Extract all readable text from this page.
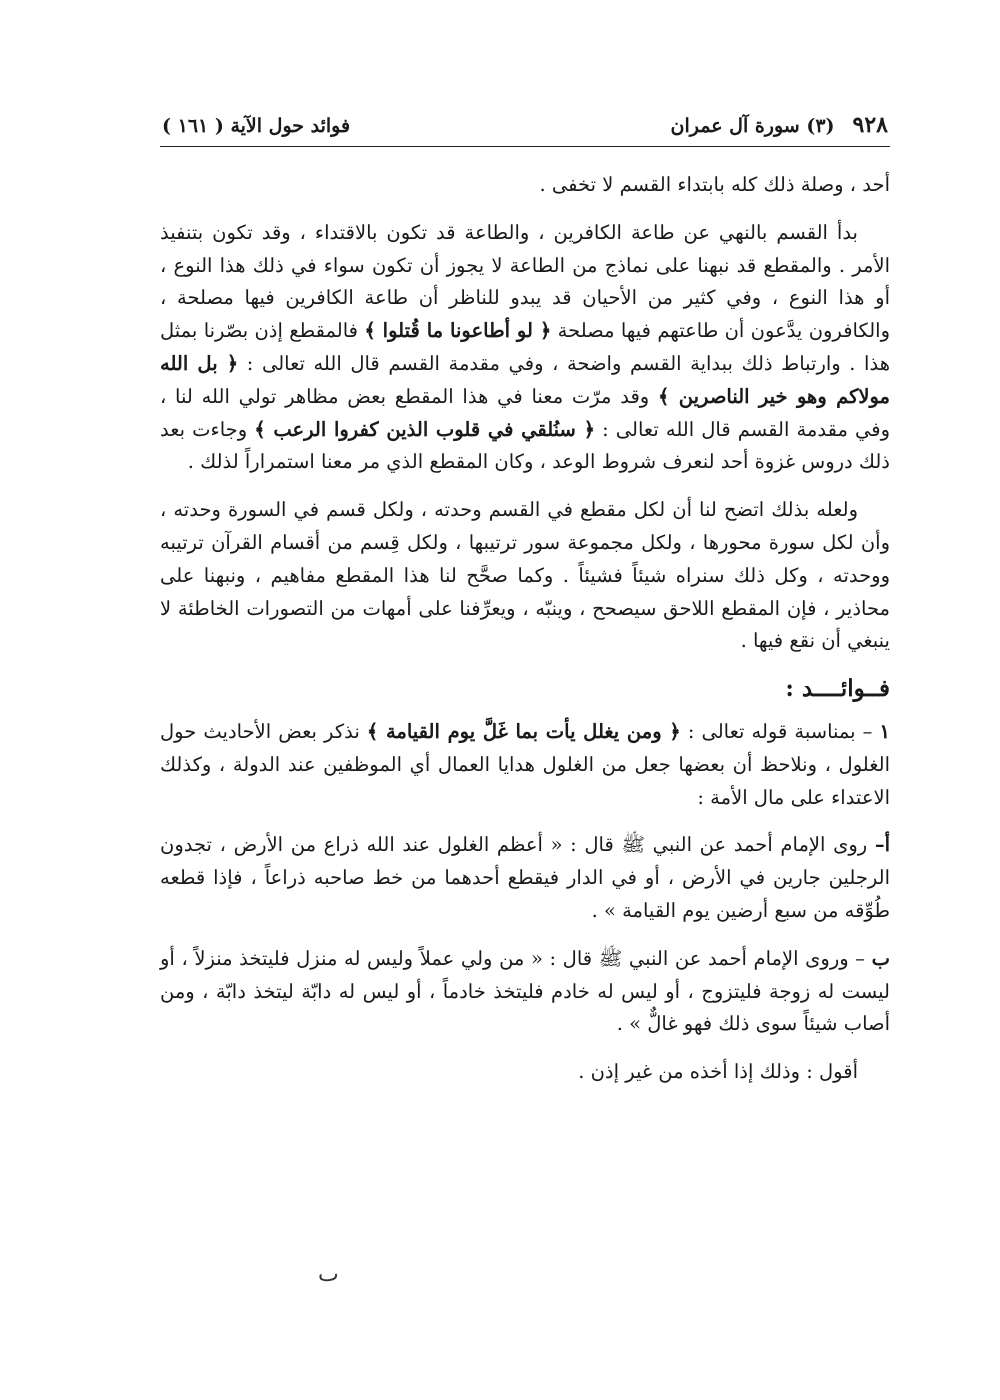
٩٢٨
(٣) سورة آل عمران
فوائد حول الآية ( ١٦١ )

أحد ، وصلة ذلك كله بابتداء القسم لا تخفى .

بدأ القسم بالنهي عن طاعة الكافرين ، والطاعة قد تكون بالاقتداء ، وقد تكون بتنفيذ الأمر . والمقطع قد نبهنا على نماذج من الطاعة لا يجوز أن تكون سواء في ذلك هذا النوع ، أو هذا النوع ، وفي كثير من الأحيان قد يبدو للناظر أن طاعة الكافرين فيها مصلحة ، والكافرون يدَّعون أن طاعتهم فيها مصلحة ﴿ لو أطاعونا ما قُتلوا ﴾ فالمقطع إذن بصّرنا بمثل هذا . وارتباط ذلك ببداية القسم واضحة ، وفي مقدمة القسم قال الله تعالى : ﴿ بل الله مولاكم وهو خير الناصرين ﴾ وقد مرّت معنا في هذا المقطع بعض مظاهر تولي الله لنا ، وفي مقدمة القسم قال الله تعالى : ﴿ سنُلقي في قلوب الذين كفروا الرعب ﴾ وجاءت بعد ذلك دروس غزوة أحد لنعرف شروط الوعد ، وكان المقطع الذي مر معنا استمراراً لذلك .

ولعله بذلك اتضح لنا أن لكل مقطع في القسم وحدته ، ولكل قسم في السورة وحدته ، وأن لكل سورة محورها ، ولكل مجموعة سور ترتيبها ، ولكل قِسم من أقسام القرآن ترتيبه ووحدته ، وكل ذلك سنراه شيئاً فشيئاً . وكما صحَّح لنا هذا المقطع مفاهيم ، ونبهنا على محاذير ، فإن المقطع اللاحق سيصحح ، وينبّه ، ويعرِّفنا على أمهات من التصورات الخاطئة لا ينبغي أن نقع فيها .

فــوائــــد :

١ – بمناسبة قوله تعالى : ﴿ ومن يغلل يأت بما غَلَّ يوم القيامة ﴾ نذكر بعض الأحاديث حول الغلول ، ونلاحظ أن بعضها جعل من الغلول هدايا العمال أي الموظفين عند الدولة ، وكذلك الاعتداء على مال الأمة :

أ– روى الإمام أحمد عن النبي ﷺ قال : « أعظم الغلول عند الله ذراع من الأرض ، تجدون الرجلين جارين في الأرض ، أو في الدار فيقطع أحدهما من خط صاحبه ذراعاً ، فإذا قطعه طُوِّقه من سبع أرضين يوم القيامة » .

ب – وروى الإمام أحمد عن النبي ﷺ قال : « من ولي عملاً وليس له منزل فليتخذ منزلاً ، أو ليست له زوجة فليتزوج ، أو ليس له خادم فليتخذ خادماً ، أو ليس له دابّة ليتخذ دابّة ، ومن أصاب شيئاً سوى ذلك فهو غالٌّ » .

أقول : وذلك إذا أخذه من غير إذن .

ٮ
